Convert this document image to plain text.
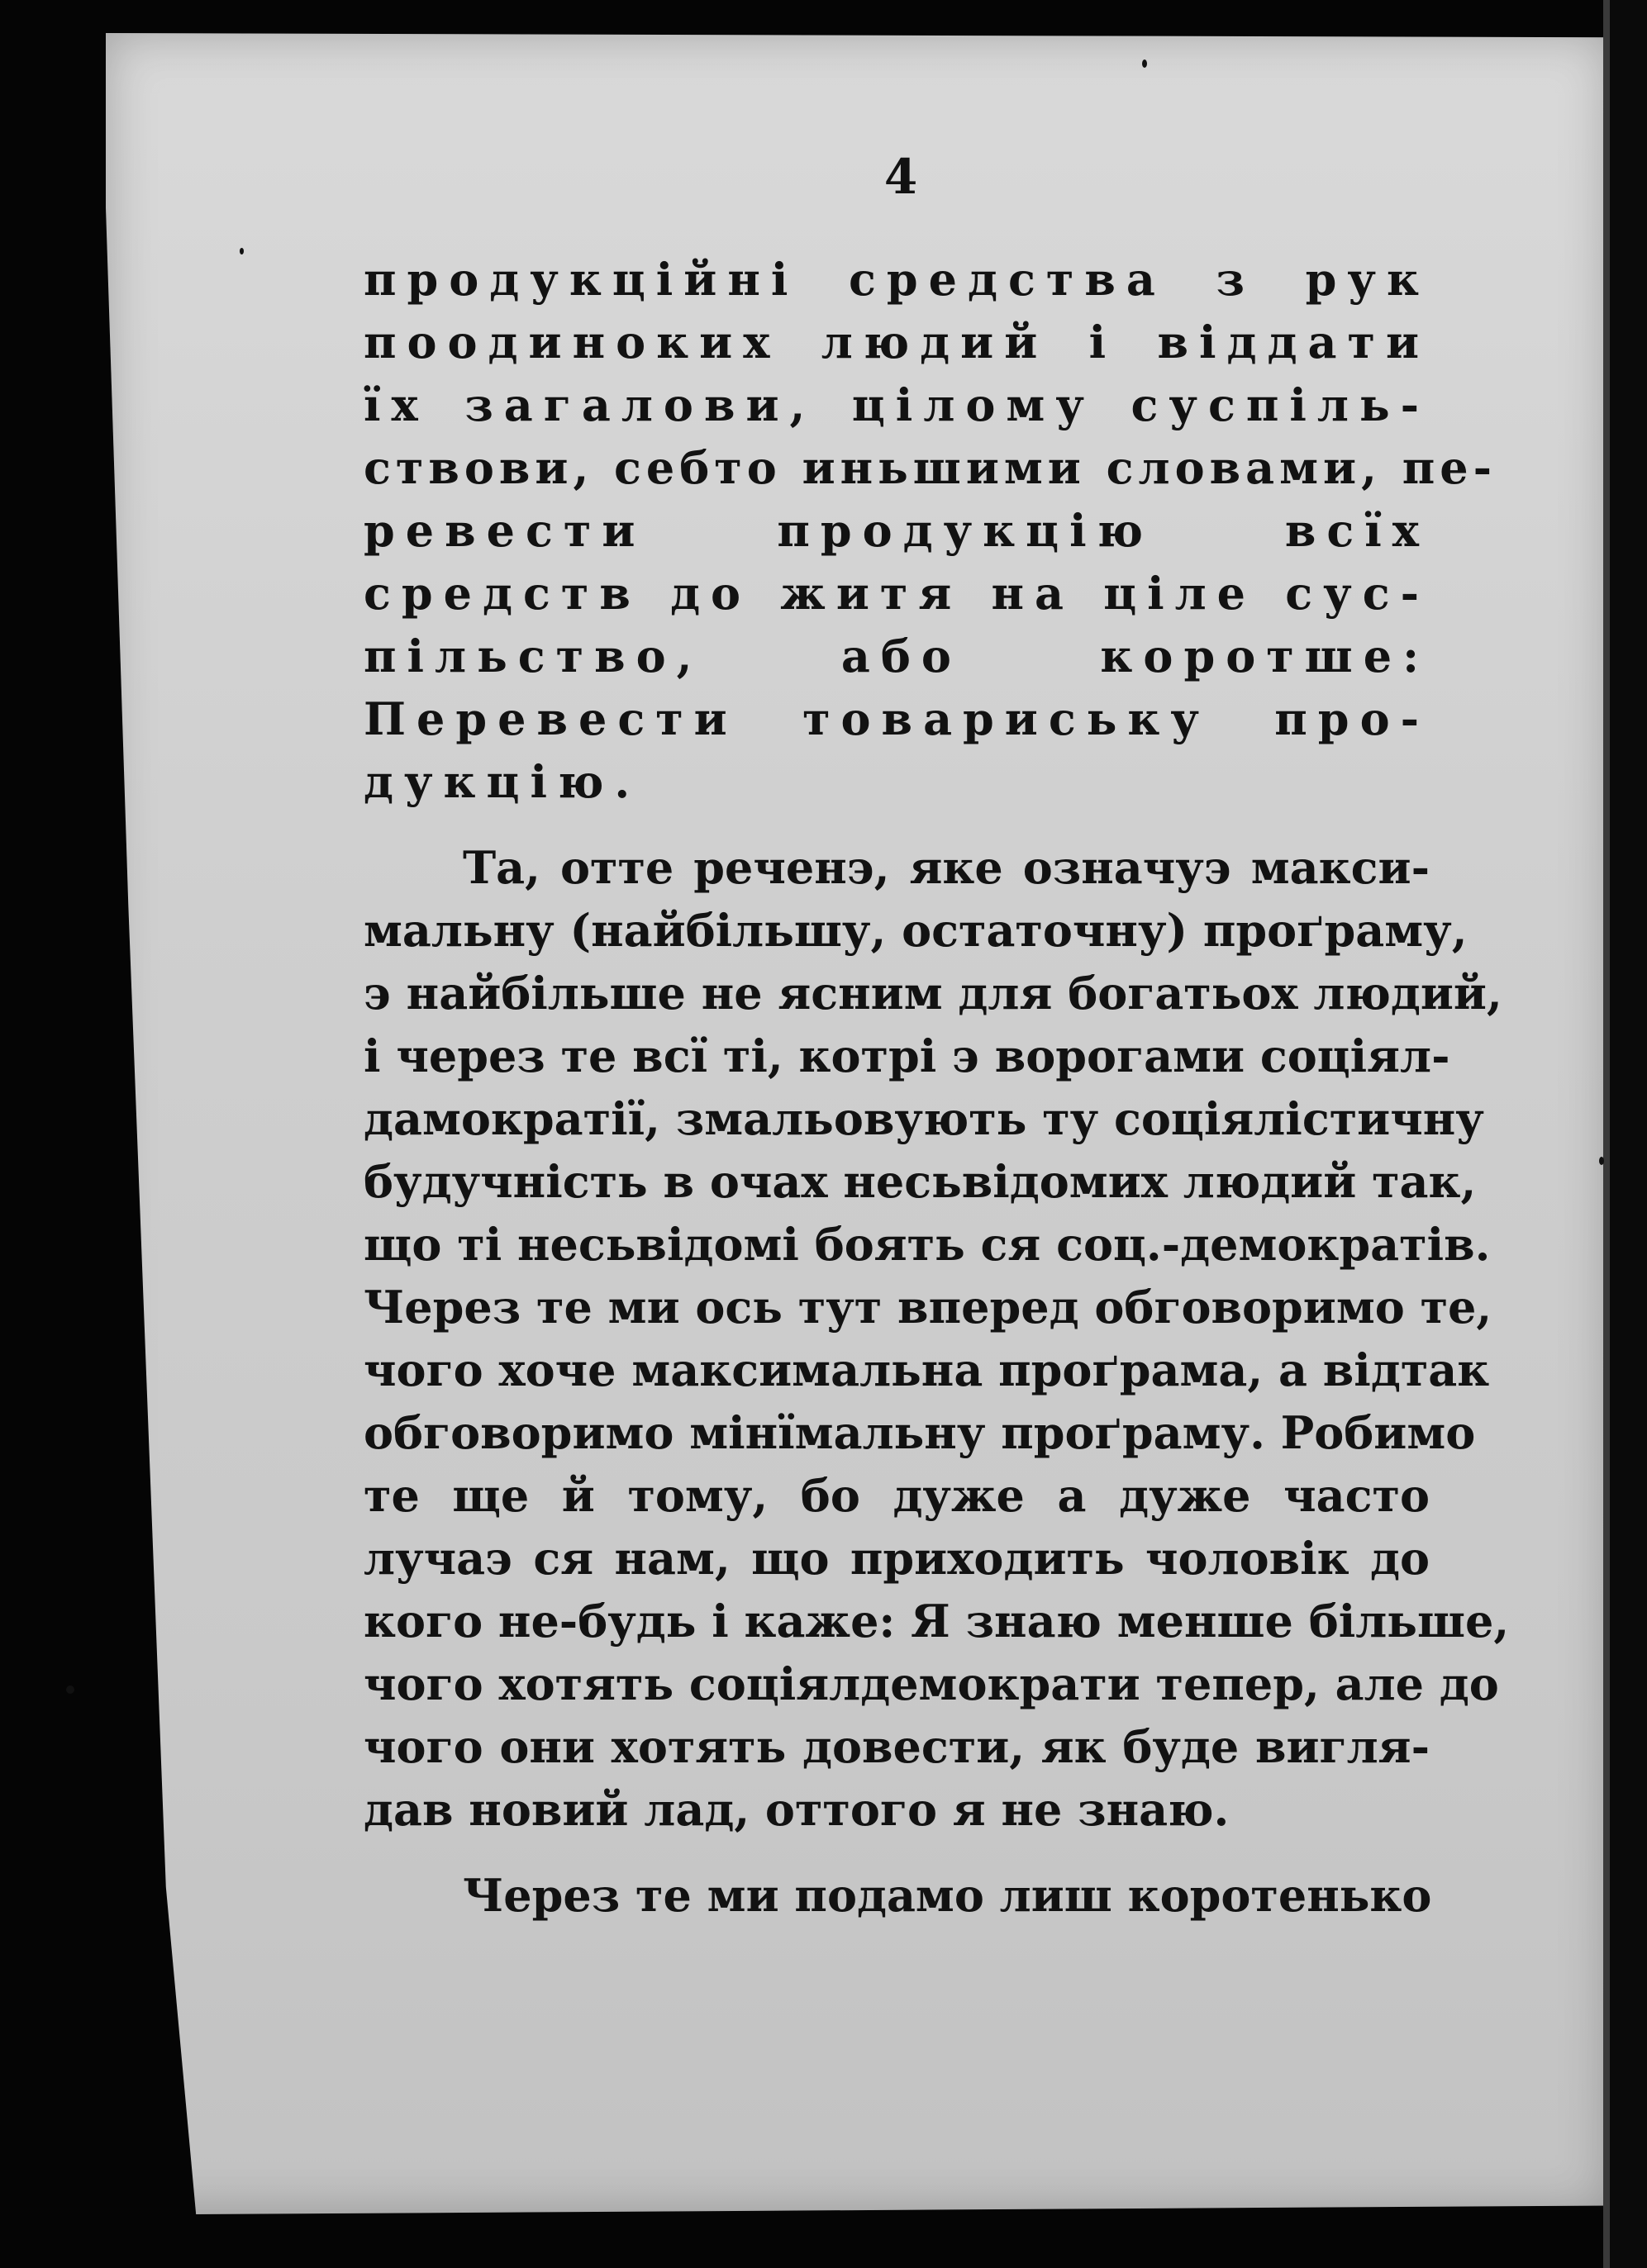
4
продукційні средства з рук
поодиноких людий і віддати
їх загалови, цілому суспіль-
ствови, себто иньшими словами, пе-
ревести продукцію всїх
средств до житя на ціле сус-
пільство, або коротше:
Перевести товариську про-
дукцію.
Та, отте реченэ, яке означуэ макси-
мальну (найбільшу, остаточну) проґраму,
э найбільше не ясним для богатьох людий,
і через те всї ті, котрі э ворогами соціял-
дамократії, змальовують ту соціялістичну
будучність в очах несьвідомих людий так,
що ті несьвідомі бoять ся соц.-демократів.
Через те ми ось тут вперед обговоримо те,
чого хоче максимальна проґрама, а відтак
обговоримо мінїмальну проґраму. Робимо
те ще й тому, бо дуже а дуже часто
лучаэ ся нам, що приходить чоловік до
кого не-будь і каже: Я знаю менше більше,
чого хотять соціялдемократи тепер, але до
чого они хотять довести, як буде вигля-
дав новий лад, оттого я не знаю.
Через те ми подамо лиш коротенько
